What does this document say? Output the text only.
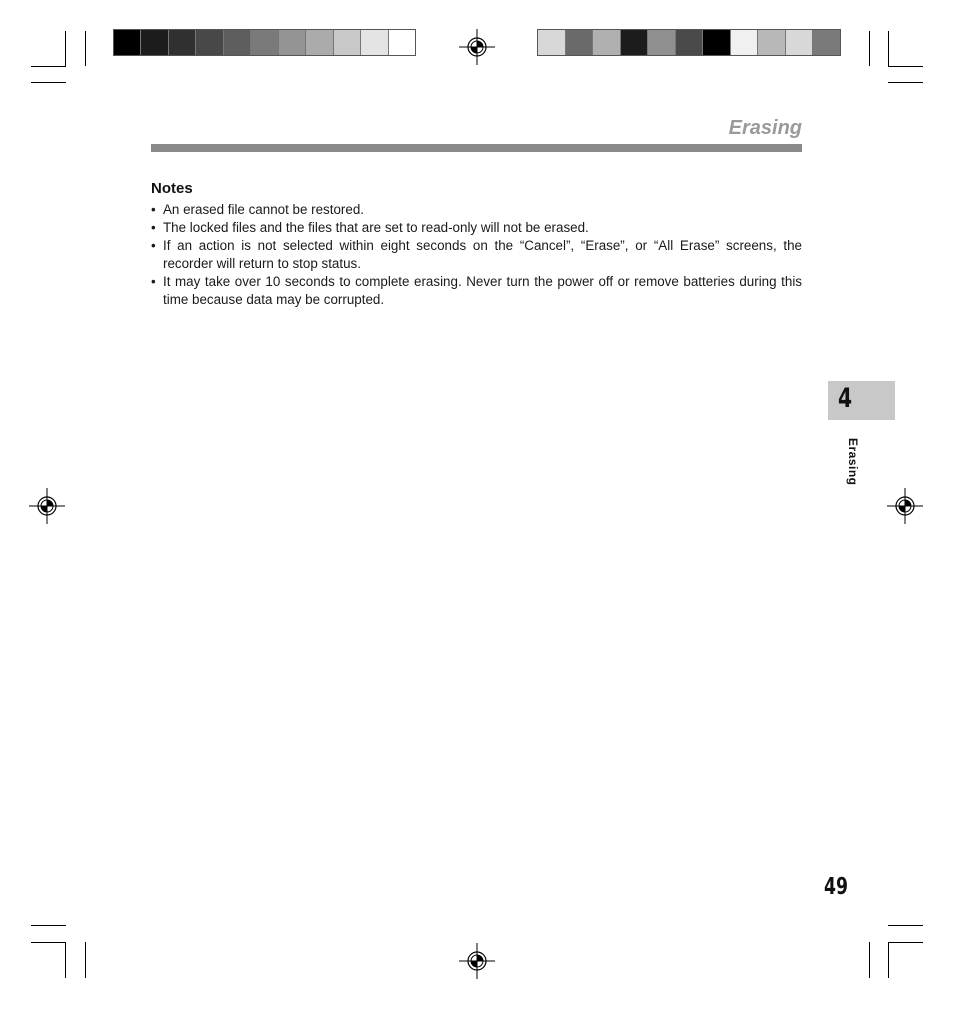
Erasing
Notes
• An erased file cannot be restored.
• The locked files and the files that are set to read-only will not be erased.
• If an action is not selected within eight seconds on the “Cancel”, “Erase”, or “All Erase” screens, the recorder will return to stop status.
• It may take over 10 seconds to complete erasing. Never turn the power off or remove batteries during this time because data may be corrupted.
4
Erasing
49
